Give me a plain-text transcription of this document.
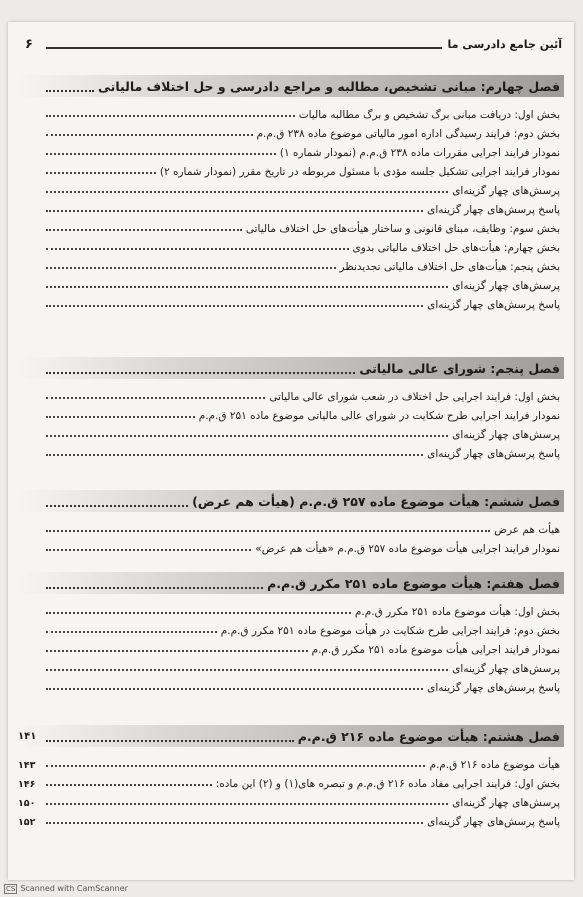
۶	آئین جامع دادرسی ما
فصل چهارم: مبانی تشخیص، مطالبه و مراجع دادرسی و حل اختلاف مالیاتی
بخش اول: دریافت مبانی برگ تشخیص و برگ مطالبه مالیات
بخش دوم: فرایند رسیدگی اداره امور مالیاتی موضوع ماده ۲۳۸ ق.م.م
نمودار فرایند اجرایی مقررات ماده ۲۳۸ ق.م.م (نمودار شماره ۱)
نمودار فرایند اجرایی تشکیل جلسه مؤدی با مسئول مربوطه در تاریخ مقرر (نمودار شماره ۲)
پرسش‌های چهار گزینه‌ای
پاسخ پرسش‌های چهار گزینه‌ای
بخش سوم: وظایف، مبنای قانونی و ساختار هیأت‌های حل اختلاف مالیاتی
بخش چهارم: هیأت‌های حل اختلاف مالیاتی بدوی
بخش پنجم: هیأت‌های حل اختلاف مالیاتی تجدیدنظر
پرسش‌های چهار گزینه‌ای
پاسخ پرسش‌های چهار گزینه‌ای
فصل پنجم: شورای عالی مالیاتی
بخش اول: فرایند اجرایی حل اختلاف در شعب شورای عالی مالیاتی
نمودار فرایند اجرایی طرح شکایت در شورای عالی مالیاتی موضوع ماده ۲۵۱ ق.م.م
پرسش‌های چهار گزینه‌ای
پاسخ پرسش‌های چهار گزینه‌ای
فصل ششم: هیأت موضوع ماده ۲۵۷ ق.م.م (هیأت هم عرض)
هیأت هم عرض
نمودار فرایند اجرایی هیأت موضوع ماده ۲۵۷ ق.م.م «هیأت هم عرض»
فصل هفتم: هیأت موضوع ماده ۲۵۱ مکرر ق.م.م
بخش اول: هیأت موضوع ماده ۲۵۱ مکرر ق.م.م
بخش دوم: فرایند اجرایی طرح شکایت در هیأت موضوع ماده ۲۵۱ مکرر ق.م.م
نمودار فرایند اجرایی هیأت موضوع ماده ۲۵۱ مکرر ق.م.م
پرسش‌های چهار گزینه‌ای
پاسخ پرسش‌های چهار گزینه‌ای
فصل هشتم: هیأت موضوع ماده ۲۱۶ ق.م.م
۱۴۱
هیأت موضوع ماده ۲۱۶ ق.م.م
۱۴۳
بخش اول: فرایند اجرایی مفاد ماده ۲۱۶ ق.م.م و تبصره های(۱) و (۲) این ماده:
۱۴۶
پرسش‌های چهار گزینه‌ای
۱۵۰
پاسخ پرسش‌های چهار گزینه‌ای
۱۵۲
CS Scanned with CamScanner
